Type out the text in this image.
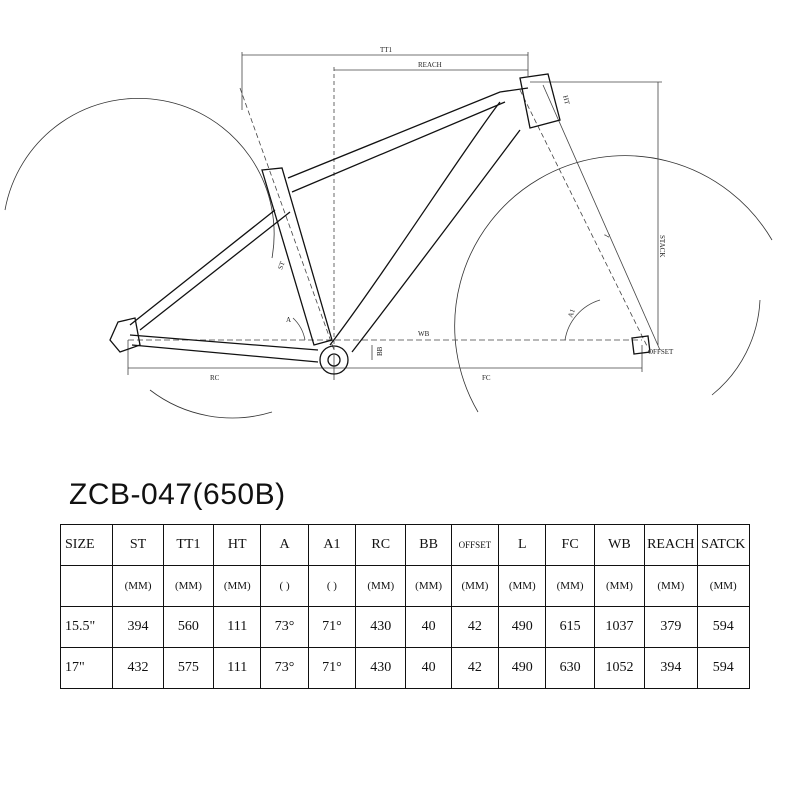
TT1
REACH
STACK
HT
L
A1
ST
A
WB
BB
RC	FC
OFFSET
ZCB-047(650B)
SIZE	ST	TT1	HT	A	A1	RC	BB	OFFSET	L	FC	WB	REACH	SATCK
	(MM)	(MM)	(MM)	( )	( )	(MM)	(MM)	(MM)	(MM)	(MM)	(MM)	(MM)	(MM)
15.5"	394	560	111	73°	71°	430	40	42	490	615	1037	379	594
17"	432	575	111	73°	71°	430	40	42	490	630	1052	394	594
